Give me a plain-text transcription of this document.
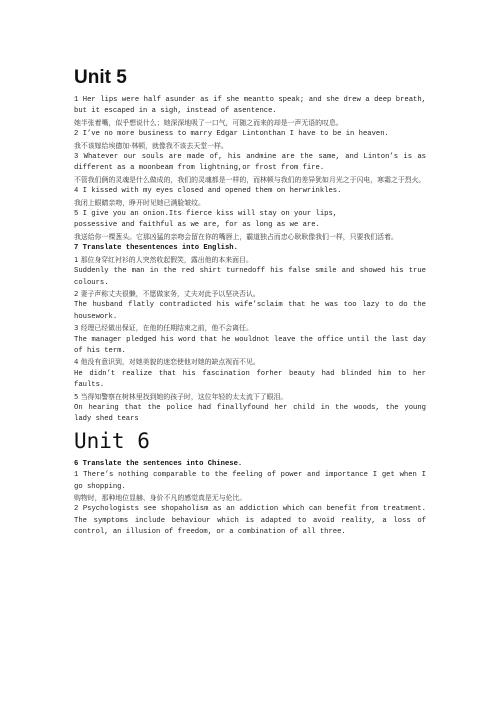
Unit 5
1 Her lips were half asunder as if she meantto speak; and she drew a deep breath, but it escaped in a sigh, instead of asentence.
她半张着嘴，似乎想说什么；她深深地吸了一口气，可随之而来的却是一声无语的叹息。
2 I’ve no more business to marry Edgar Lintonthan I have to be in heaven.
我不该嫁给埃德加·林顿，就像我不该去天堂一样。
3 Whatever our souls are made of, his andmine are the same, and Linton’s is as different as a moonbeam from lightning,or frost from fire.
不管我们俩的灵魂是什么做成的，我们的灵魂都是一样的，而林顿与我们的差异犹如月光之于闪电，寒霜之于烈火。
4 I kissed with my eyes closed and opened them on herwrinkles.
我闭上眼睛亲吻，睁开时见她已满脸皱纹。
5 I give you an onion.Its fierce kiss will stay on your lips,
possessive and faithful as we are, for as long as we are.
我送给你一棵葱头。它那凶猛的亲吻会留在你的嘴唇上，霸道独占而忠心耿耿像我们一样，只要我们活着。
7 Translate thesentences into English.
1 那位身穿红衬衫的人突然收起假笑，露出他的本来面目。
Suddenly the man in the red shirt turnedoff his false smile and showed his true colours.
2 妻子声称丈夫很懒，不愿做家务，丈夫对此予以坚决否认。
The husband flatly contradicted his wife’sclaim that he was too lazy to do the housework.
3 经理已经做出保证，在他的任期结束之前，他不会离任。
The manager pledged his word that he wouldnot leave the office until the last day of his term.
4 他没有意识到，对她美貌的迷恋使他对她的缺点视而不见。
He didn’t realize that his fascination forher beauty had blinded him to her faults.
5 当得知警察在树林里找到她的孩子时，这位年轻的太太流下了眼泪。
On hearing that the police had finallyfound her child in the woods, the young lady shed tears
Unit 6
6 Translate the sentences into Chinese.
1 There’s nothing comparable to the feeling of power and importance I get when I go shopping.
购物时，那种地位显赫、身价不凡的感觉真是无与伦比。
2 Psychologists see shopaholism as an addiction which can benefit from treatment. The symptoms include behaviour which is adapted to avoid reality, a loss of control, an illusion of freedom, or a combination of all three.
